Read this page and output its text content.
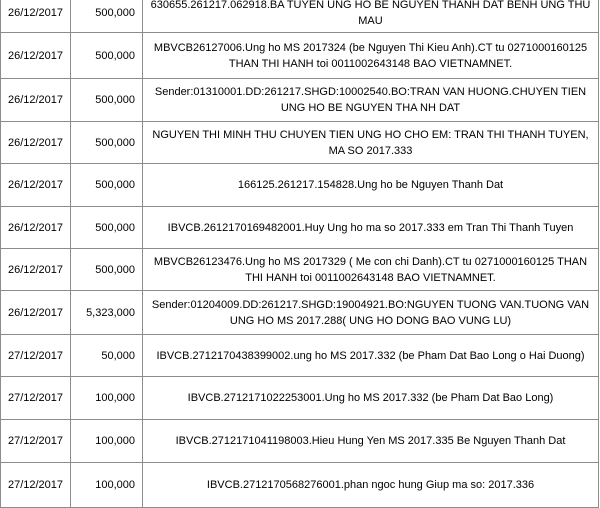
26/12/2017	500,000	630655.261217.062918.BA TUYEN UNG HO BE NGUYEN THANH DAT BENH UNG THU MAU
26/12/2017	500,000	MBVCB26127006.Ung ho MS 2017324 (be Nguyen Thi Kieu Anh).CT tu 0271000160125 THAN THI HANH toi 0011002643148 BAO VIETNAMNET.
26/12/2017	500,000	Sender:01310001.DD:261217.SHGD:10002540.BO:TRAN VAN HUONG.CHUYEN TIEN UNG HO BE NGUYEN THA NH DAT
26/12/2017	500,000	NGUYEN THI MINH THU CHUYEN TIEN UNG HO CHO EM: TRAN THI THANH TUYEN, MA SO 2017.333
26/12/2017	500,000	166125.261217.154828.Ung ho be Nguyen Thanh Dat
26/12/2017	500,000	IBVCB.2612170169482001.Huy Ung ho ma so 2017.333 em Tran Thi Thanh Tuyen
26/12/2017	500,000	MBVCB26123476.Ung ho MS 2017329 ( Me con chi Danh).CT tu 0271000160125 THAN THI HANH toi 0011002643148 BAO VIETNAMNET.
26/12/2017	5,323,000	Sender:01204009.DD:261217.SHGD:19004921.BO:NGUYEN TUONG VAN.TUONG VAN UNG HO MS 2017.288( UNG HO DONG BAO VUNG LU)
27/12/2017	50,000	IBVCB.2712170438399002.ung ho MS 2017.332 (be Pham Dat Bao Long o Hai Duong)
27/12/2017	100,000	IBVCB.2712171022253001.Ung ho MS 2017.332 (be Pham Dat Bao Long)
27/12/2017	100,000	IBVCB.2712171041198003.Hieu Hung Yen MS 2017.335 Be Nguyen Thanh Dat
27/12/2017	100,000	IBVCB.2712170568276001.phan ngoc hung Giup ma so: 2017.336
